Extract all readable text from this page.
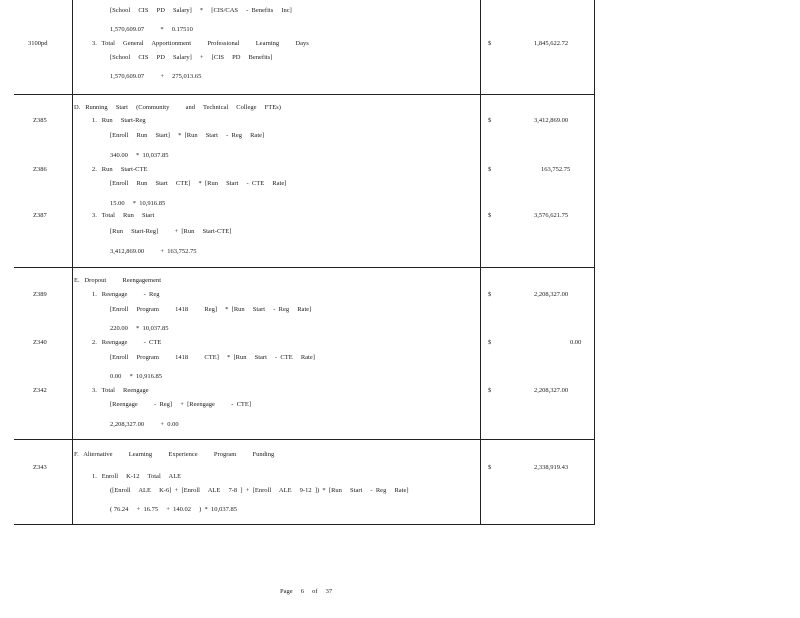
[School     CIS     PD     Salary]     *     [CIS/CAS     -  Benefits     Inc]
1,570,609.07          *     0.17510
3100pd	3.   Total     General     Apportionment          Professional          Learning          Days	$	1,845,622.72
[School     CIS     PD     Salary]     +     [CIS     PD     Benefits]
1,570,609.07          +     275,013.65
D.   Running     Start     (Community          and     Technical     College     FTEs)
Z385	1.   Run     Start-Reg	$	3,412,869.00
[Enroll     Run     Start]     *  [Run     Start     -  Reg     Rate]
340.00     *  10,037.85
Z386	2.   Run     Start-CTE	$	163,752.75
[Enroll     Run     Start     CTE]     *  [Run     Start     -  CTE     Rate]
15.00     *  10,916.85
Z387	3.   Total     Run     Start	$	3,576,621.75
[Run     Start-Reg]          +  [Run     Start-CTE]
3,412,869.00          +  163,752.75
E.   Dropout          Reengagement
Z389	1.   Reengage          -  Reg	$	2,208,327.00
[Enroll     Program          1418          Reg]     *  [Run     Start     -  Reg     Rate]
220.00     *  10,037.85
Z340	2.   Reengage          -  CTE	$	0.00
[Enroll     Program          1418          CTE]     *  [Run     Start     -  CTE     Rate]
0.00     *  10,916.85
Z342	3.   Total     Reengage	$	2,208,327.00
[Reengage          -  Reg]     +  [Reengage          -  CTE]
2,208,327.00          +  0.00
F.   Alternative          Learning          Experience          Program          Funding
Z343	$	2,338,919.43
1.   Enroll     K-12     Total     ALE
([Enroll     ALE     K-6]  +  [Enroll     ALE     7-8  ]  +  [Enroll     ALE     9-12  ])  *  [Run     Start     -  Reg     Rate]
( 76.24     +  16.75     +  140.02     )  *  10,037.85
Page     6     of     37
